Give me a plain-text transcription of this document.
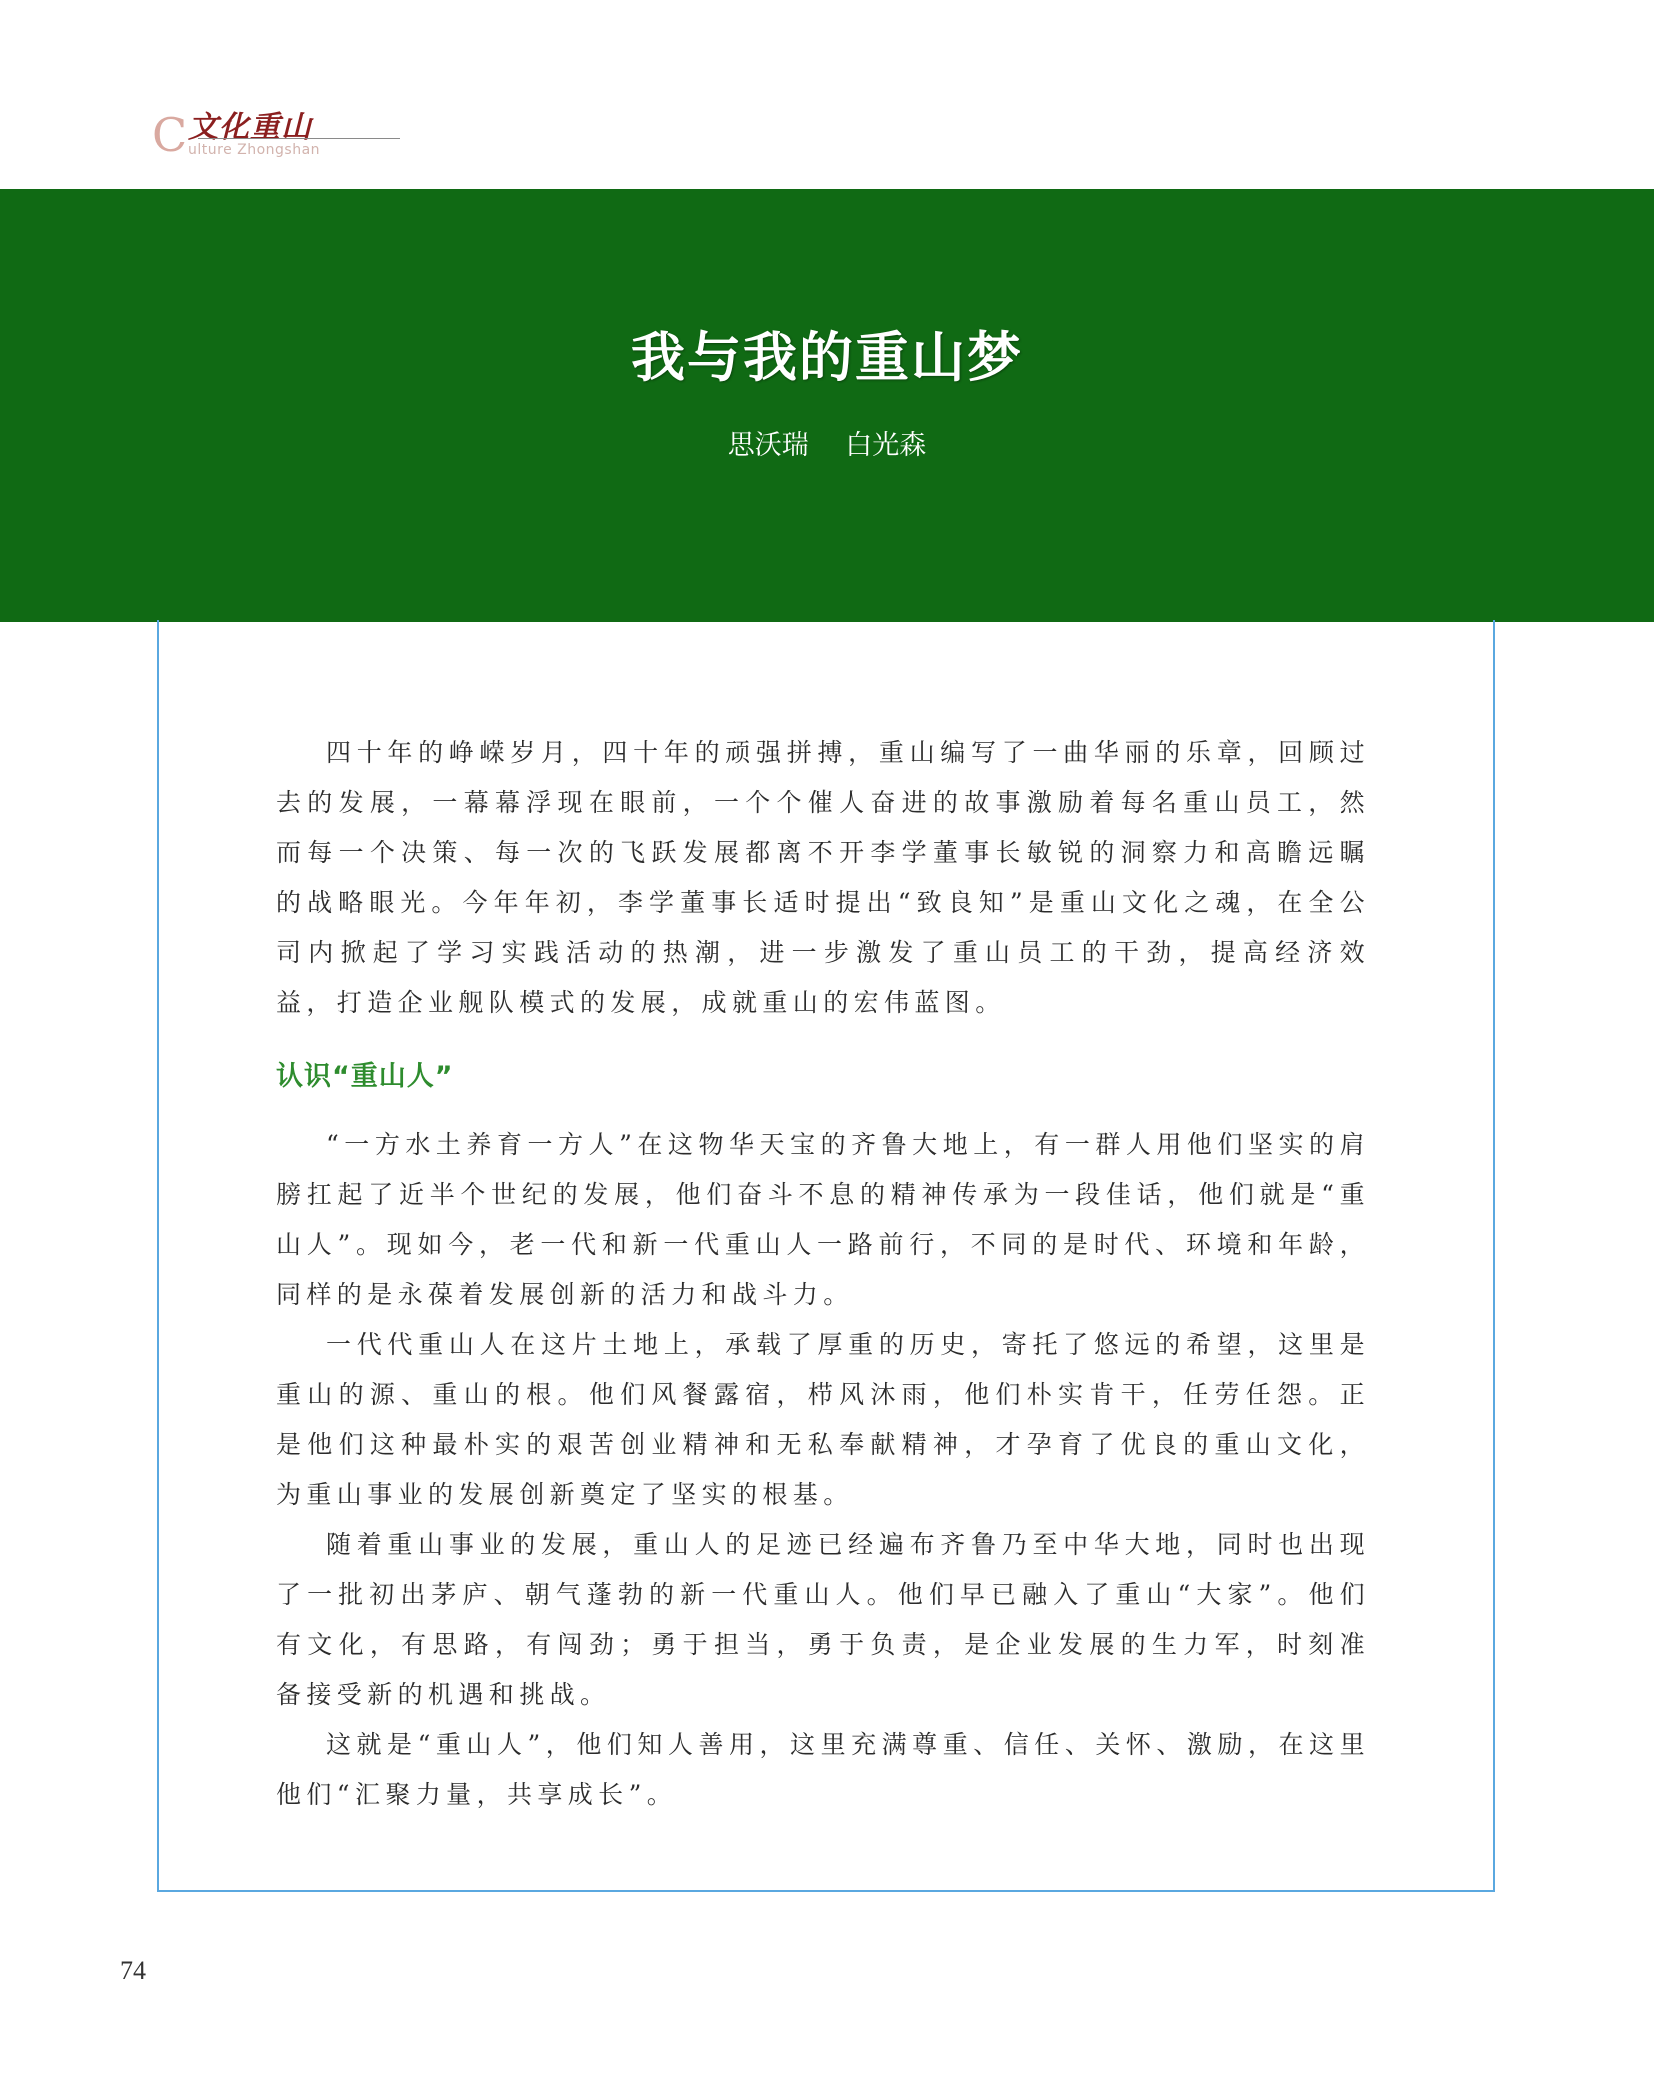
C 文化重山
ulture Zhongshan
我与我的重山梦
思沃瑞 白光森

四十年的峥嵘岁月，四十年的顽强拼搏，重山编写了一曲华丽的乐章，回顾过去的发展，一幕幕浮现在眼前，一个个催人奋进的故事激励着每名重山员工，然而每一个决策、每一次的飞跃发展都离不开李学董事长敏锐的洞察力和高瞻远瞩的战略眼光。今年年初，李学董事长适时提出“致良知”是重山文化之魂，在全公司内掀起了学习实践活动的热潮，进一步激发了重山员工的干劲，提高经济效益，打造企业舰队模式的发展，成就重山的宏伟蓝图。

认识“重山人”

“一方水土养育一方人”在这物华天宝的齐鲁大地上，有一群人用他们坚实的肩膀扛起了近半个世纪的发展，他们奋斗不息的精神传承为一段佳话，他们就是“重山人”。现如今，老一代和新一代重山人一路前行，不同的是时代、环境和年龄，同样的是永葆着发展创新的活力和战斗力。

一代代重山人在这片土地上，承载了厚重的历史，寄托了悠远的希望，这里是重山的源、重山的根。他们风餐露宿，栉风沐雨，他们朴实肯干，任劳任怨。正是他们这种最朴实的艰苦创业精神和无私奉献精神，才孕育了优良的重山文化，为重山事业的发展创新奠定了坚实的根基。

随着重山事业的发展，重山人的足迹已经遍布齐鲁乃至中华大地，同时也出现了一批初出茅庐、朝气蓬勃的新一代重山人。他们早已融入了重山“大家”。他们有文化，有思路，有闯劲；勇于担当，勇于负责，是企业发展的生力军，时刻准备接受新的机遇和挑战。

这就是“重山人”，他们知人善用，这里充满尊重、信任、关怀、激励，在这里他们“汇聚力量，共享成长”。

74
